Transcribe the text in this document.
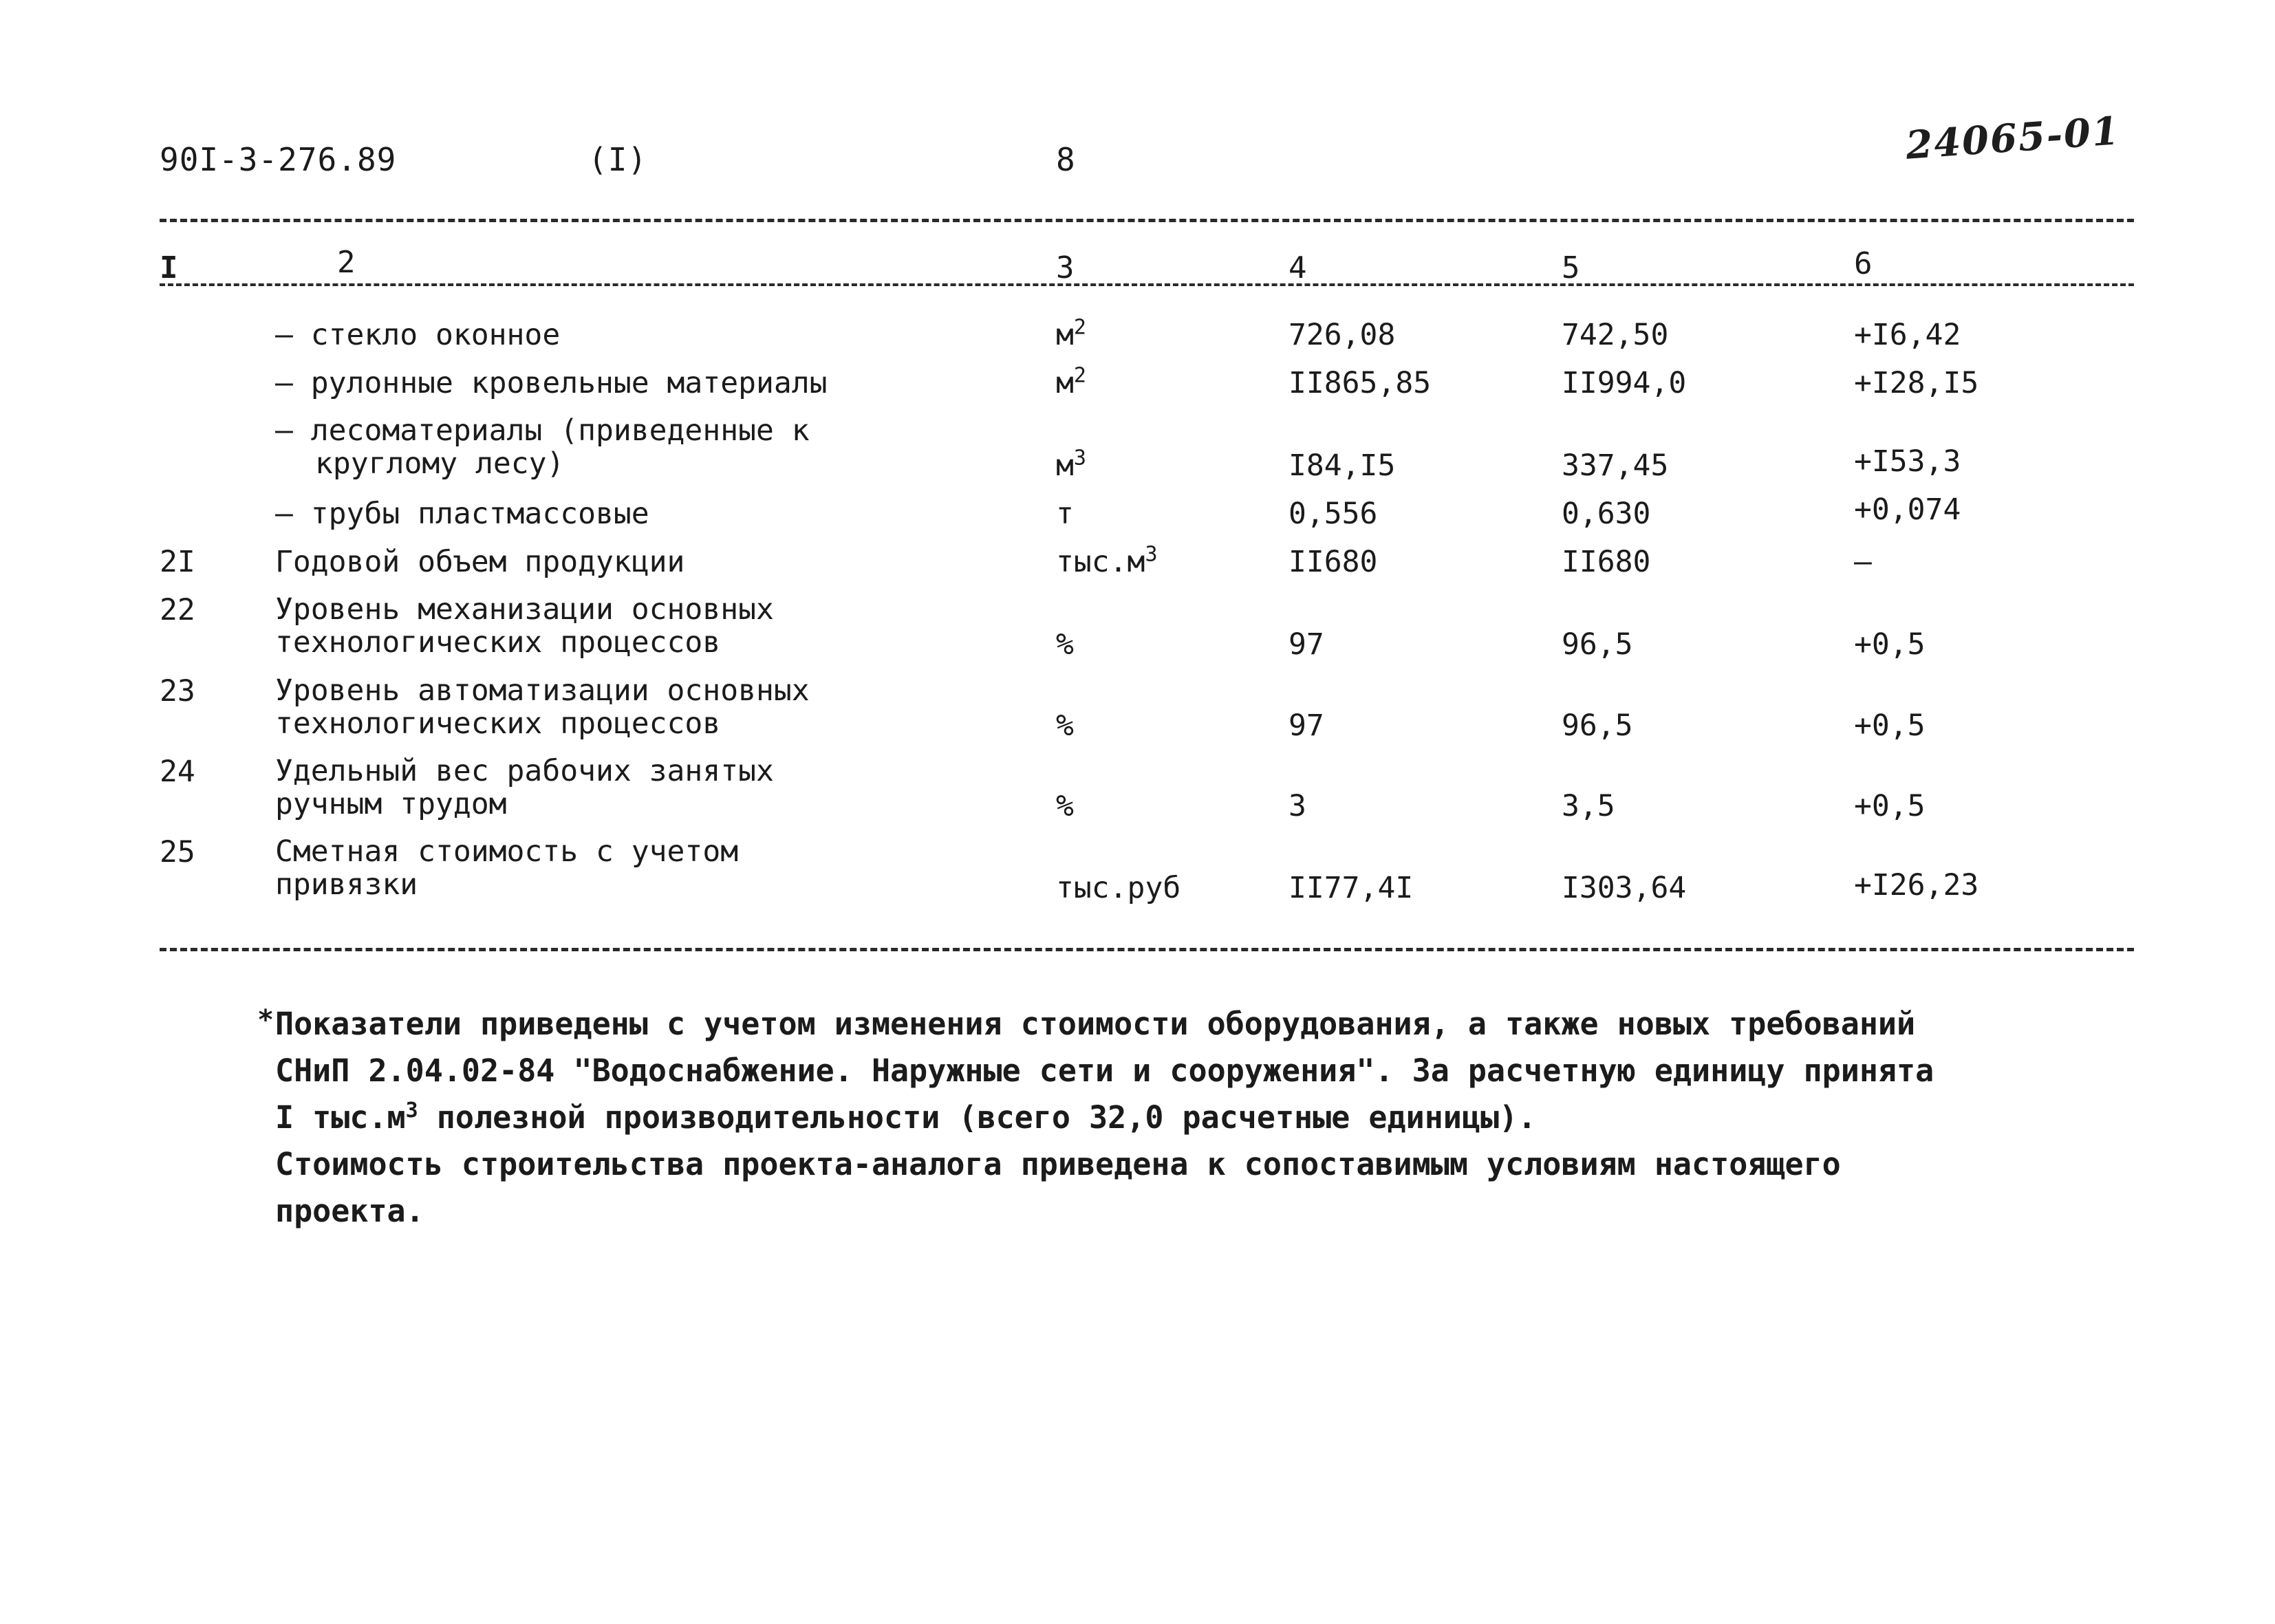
90I-3-276.89	(I)	8	24065-01
I	2	3	4	5	6
– стекло оконное	$м^2$	726,08	742,50	+I6,42
– рулонные кровельные материалы	$м^2$	II865,85	II994,0	+I28,I5
– лесоматериалы (приведенные к
круглому лесу)	$м^3$	I84,I5	337,45	+I53,3
– трубы пластмассовые	т	0,556	0,630	+0,074
2I	Годовой объем продукции	$тыс.м^3$	II680	II680	–
22	Уровень механизации основных
технологических процессов	%	97	96,5	+0,5
23	Уровень автоматизации основных
технологических процессов	%	97	96,5	+0,5
24	Удельный вес рабочих занятых
ручным трудом	%	3	3,5	+0,5
25	Сметная стоимость с учетом
привязки	тыс.руб	II77,4I	I303,64	+I26,23
* Показатели приведены с учетом изменения стоимости оборудования, а также новых требований

СНиП 2.04.02-84 "Водоснабжение. Наружные сети и сооружения". За расчетную единицу принята

I $тыс.м^3$ полезной производительности (всего 32,0 расчетные единицы).

Стоимость строительства проекта-аналога приведена к сопоставимым условиям настоящего

проекта.
